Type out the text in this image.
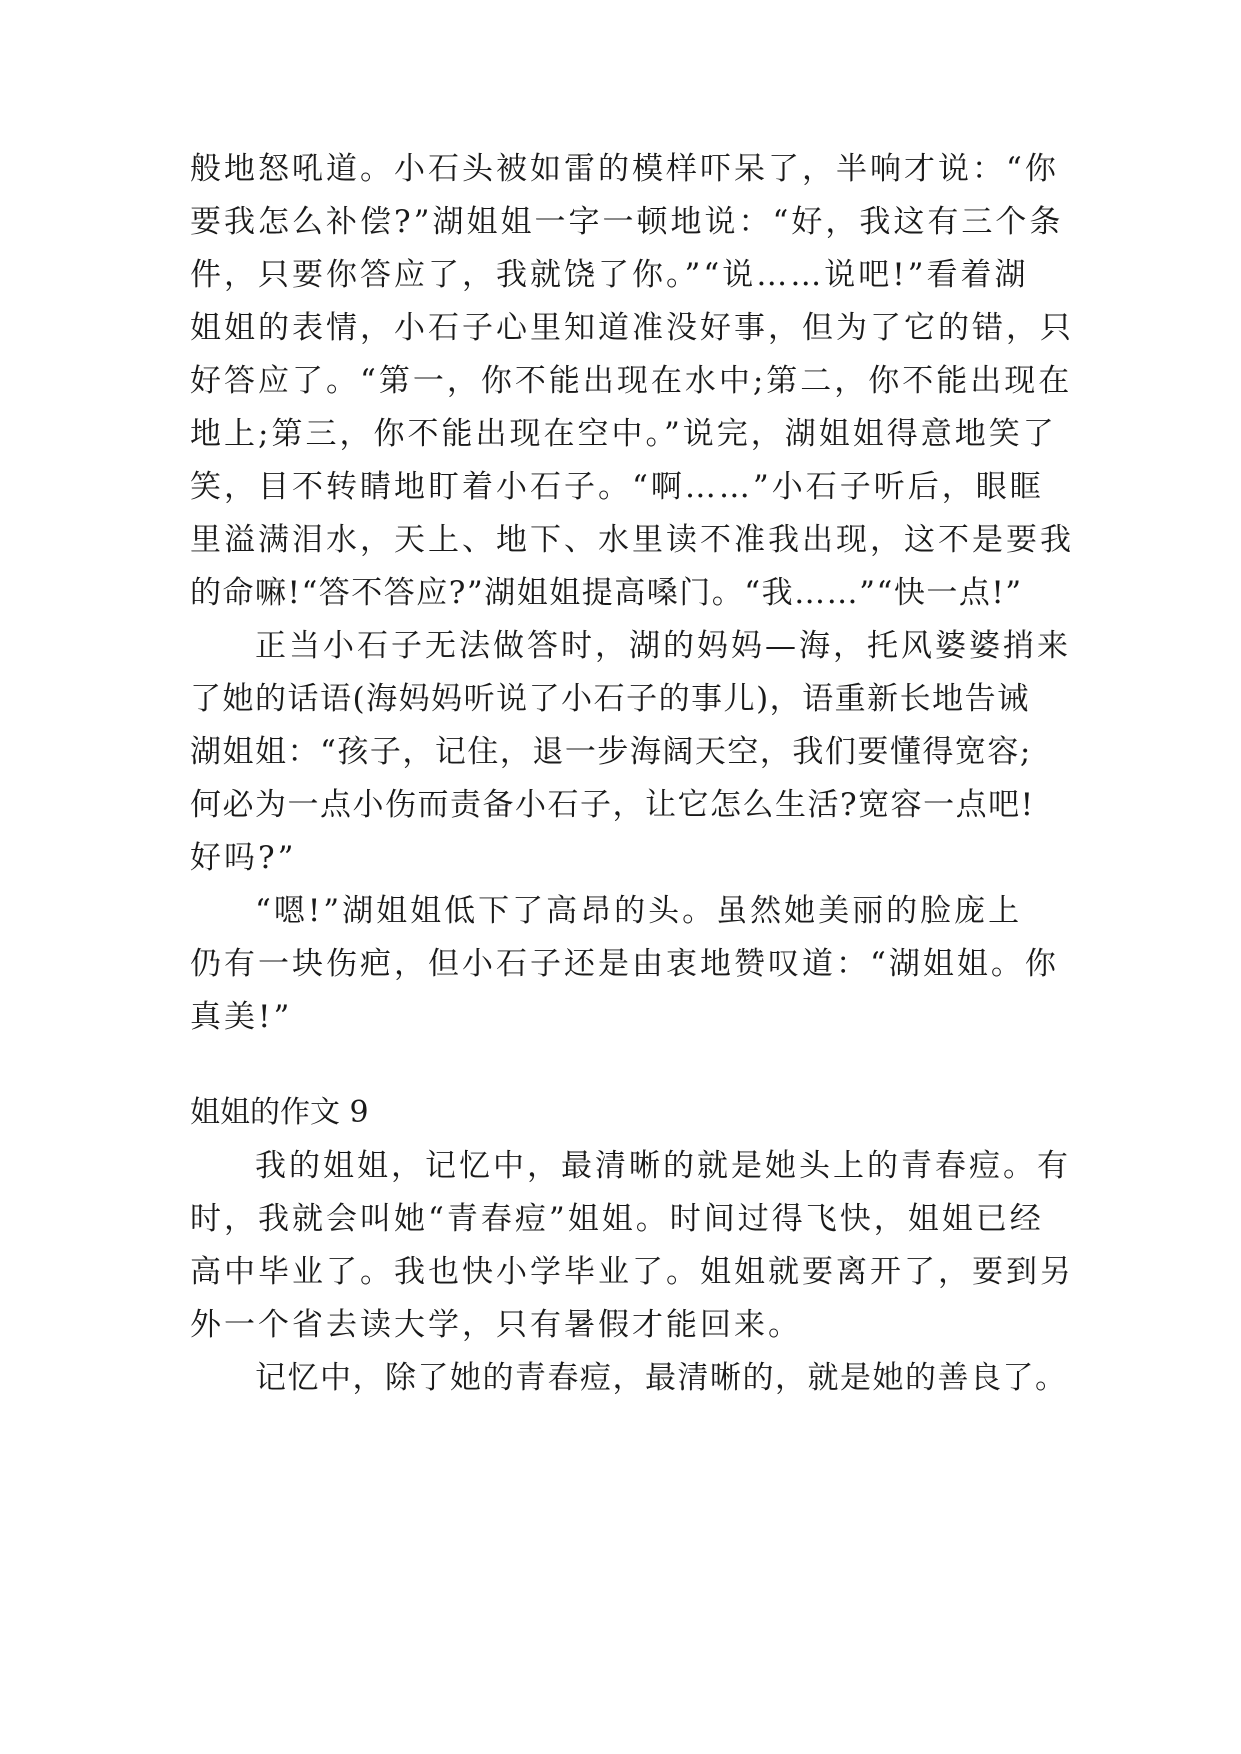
般地怒吼道。小石头被如雷的模样吓呆了，半响才说：“你
要我怎么补偿?”湖姐姐一字一顿地说：“好，我这有三个条
件，只要你答应了，我就饶了你。”“说……说吧!”看着湖
姐姐的表情，小石子心里知道准没好事，但为了它的错，只
好答应了。“第一，你不能出现在水中;第二，你不能出现在
地上;第三，你不能出现在空中。”说完，湖姐姐得意地笑了
笑，目不转睛地盯着小石子。“啊……”小石子听后，眼眶
里溢满泪水，天上、地下、水里读不准我出现，这不是要我
的命嘛!“答不答应?”湖姐姐提高嗓门。“我……”“快一点!”
正当小石子无法做答时，湖的妈妈—海，托风婆婆捎来
了她的话语(海妈妈听说了小石子的事儿)，语重新长地告诫
湖姐姐：“孩子，记住，退一步海阔天空，我们要懂得宽容;
何必为一点小伤而责备小石子，让它怎么生活?宽容一点吧!
好吗?”
“嗯!”湖姐姐低下了高昂的头。虽然她美丽的脸庞上
仍有一块伤疤，但小石子还是由衷地赞叹道：“湖姐姐。你
真美!”
姐姐的作文 9
我的姐姐，记忆中，最清晰的就是她头上的青春痘。有
时，我就会叫她“青春痘”姐姐。时间过得飞快，姐姐已经
高中毕业了。我也快小学毕业了。姐姐就要离开了，要到另
外一个省去读大学，只有暑假才能回来。
记忆中，除了她的青春痘，最清晰的，就是她的善良了。
